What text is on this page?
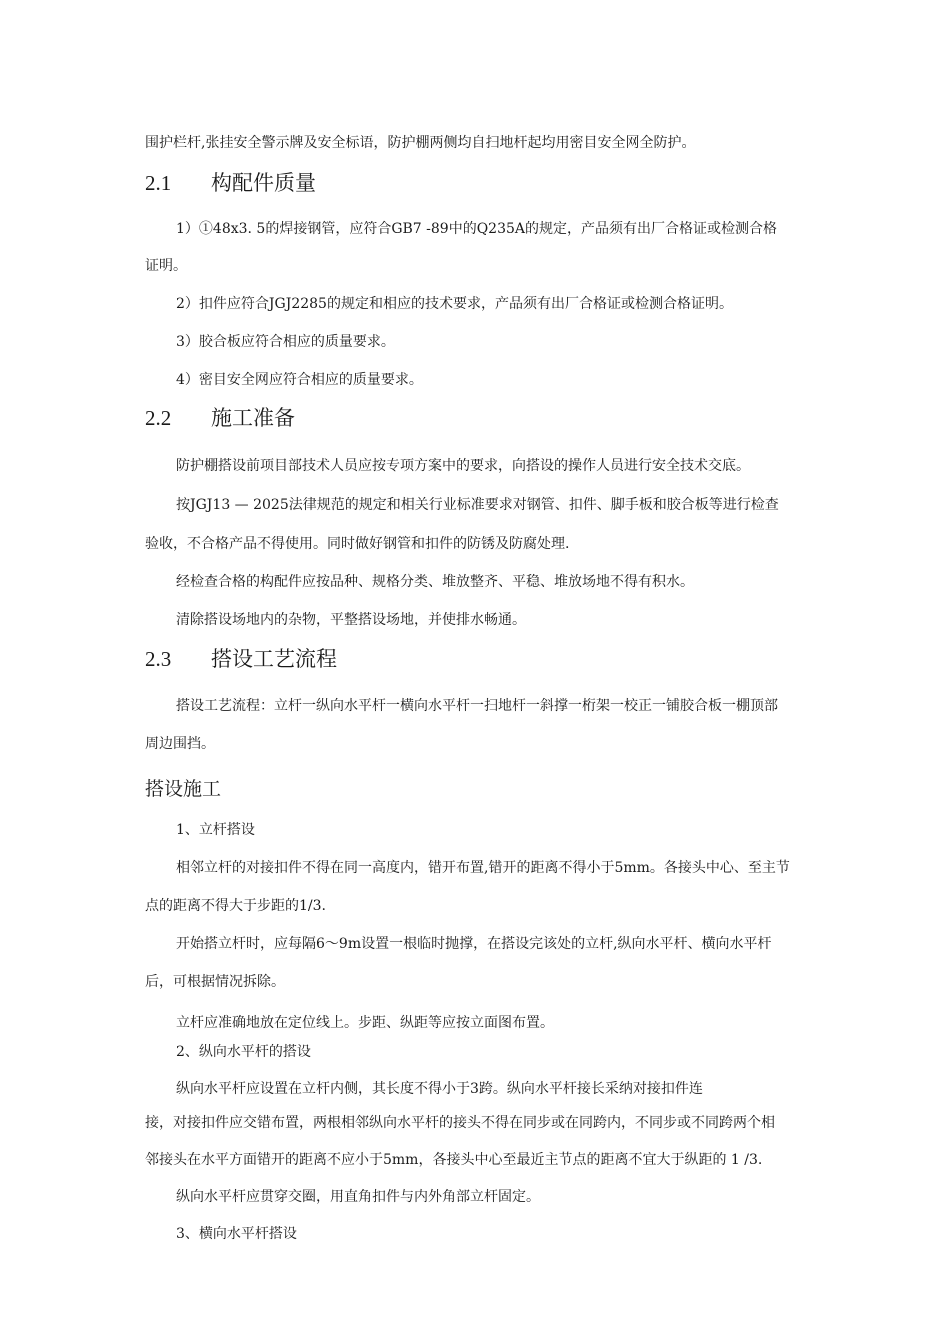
围护栏杆,张挂安全警示牌及安全标语，防护棚两侧均自扫地杆起均用密目安全网全防护。
2.1 构配件质量
1）①48x3. 5的焊接钢管，应符合GB7 -89中的Q235A的规定，产品须有出厂合格证或检测合格
证明。
2）扣件应符合JGJ2285的规定和相应的技术要求，产品须有出厂合格证或检测合格证明。
3）胶合板应符合相应的质量要求。
4）密目安全网应符合相应的质量要求。
2.2 施工准备
防护棚搭设前项目部技术人员应按专项方案中的要求，向搭设的操作人员进行安全技术交底。
按JGJ13 — 2025法律规范的规定和相关行业标准要求对钢管、扣件、脚手板和胶合板等进行检查
验收，不合格产品不得使用。同时做好钢管和扣件的防锈及防腐处理.
经检查合格的构配件应按品种、规格分类、堆放整齐、平稳、堆放场地不得有积水。
清除搭设场地内的杂物，平整搭设场地，并使排水畅通。
2.3 搭设工艺流程
搭设工艺流程：立杆一纵向水平杆一横向水平杆一扫地杆一斜撑一桁架一校正一铺胶合板一棚顶部
周边围挡。
搭设施工
1、立杆搭设
相邻立杆的对接扣件不得在同一高度内，错开布置,错开的距离不得小于5mm。各接头中心、至主节
点的距离不得大于步距的1/3.
开始搭立杆时，应每隔6〜9m设置一根临时抛撑，在搭设完该处的立杆,纵向水平杆、横向水平杆
后，可根据情况拆除。
立杆应准确地放在定位线上。步距、纵距等应按立面图布置。
2、纵向水平杆的搭设
纵向水平杆应设置在立杆内侧，其长度不得小于3跨。纵向水平杆接长采纳对接扣件连
接，对接扣件应交错布置，两根相邻纵向水平杆的接头不得在同步或在同跨内，不同步或不同跨两个相
邻接头在水平方面错开的距离不应小于5mm，各接头中心至最近主节点的距离不宜大于纵距的 1 /3.
纵向水平杆应贯穿交圈，用直角扣件与内外角部立杆固定。
3、横向水平杆搭设
